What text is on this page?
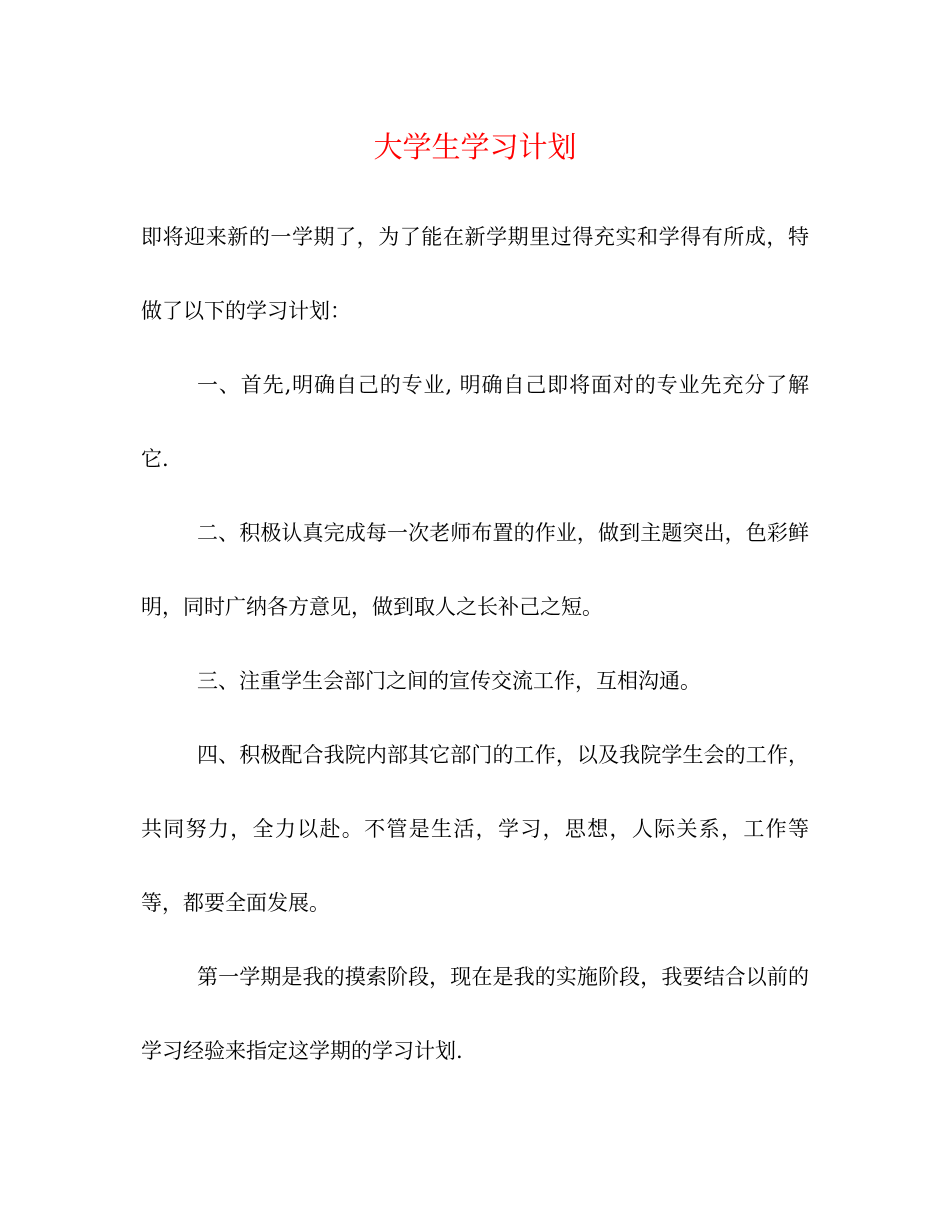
大学生学习计划

即将迎来新的一学期了，为了能在新学期里过得充实和学得有所成，特做了以下的学习计划：

一、首先,明确自己的专业, 明确自己即将面对的专业先充分了解它.

二、积极认真完成每一次老师布置的作业，做到主题突出，色彩鲜明，同时广纳各方意见，做到取人之长补己之短。

三、注重学生会部门之间的宣传交流工作，互相沟通。

四、积极配合我院内部其它部门的工作，以及我院学生会的工作，共同努力，全力以赴。不管是生活，学习，思想，人际关系，工作等等，都要全面发展。

第一学期是我的摸索阶段，现在是我的实施阶段，我要结合以前的学习经验来指定这学期的学习计划.
